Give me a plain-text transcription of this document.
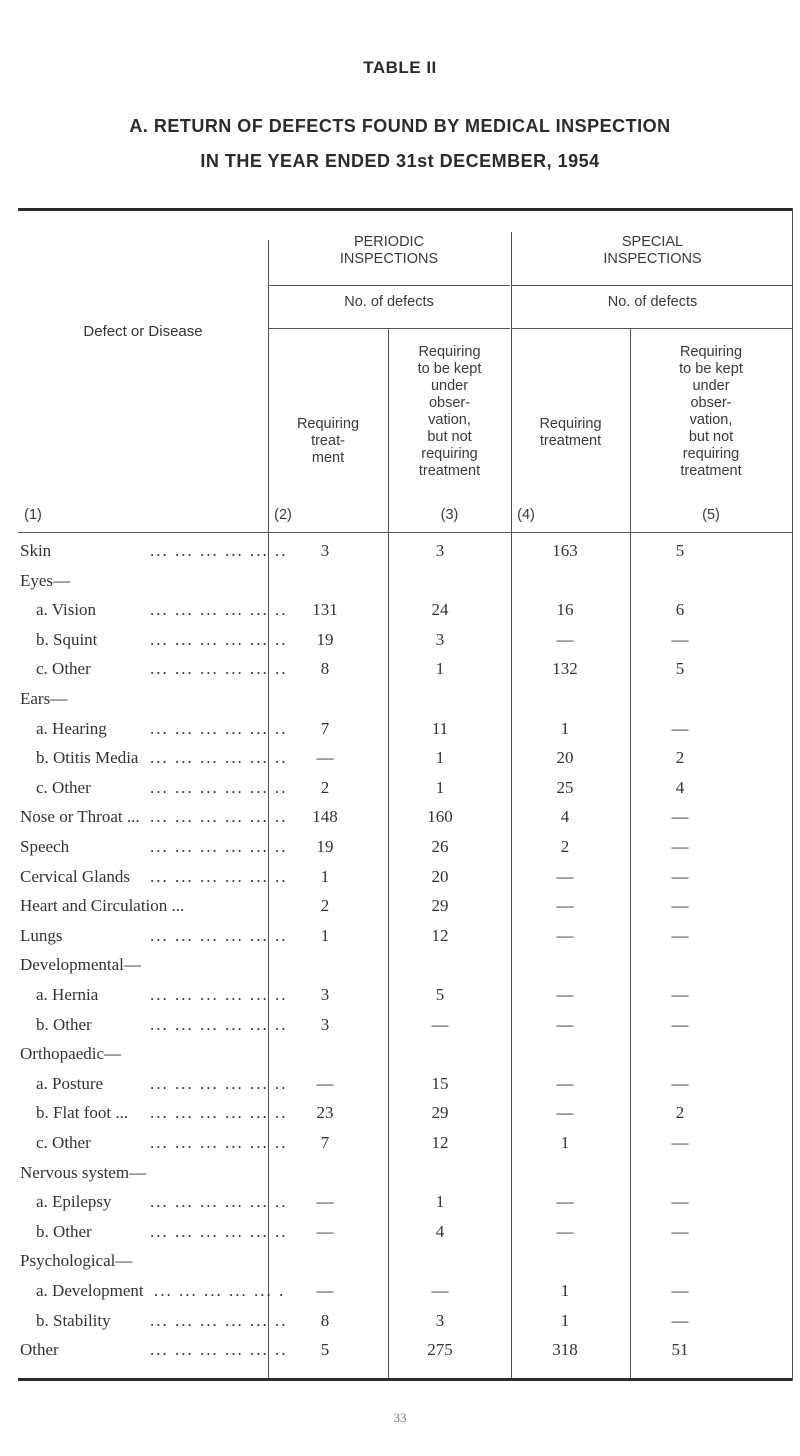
TABLE II
A. RETURN OF DEFECTS FOUND BY MEDICAL INSPECTION
IN THE YEAR ENDED 31st DECEMBER, 1954
Defect or Disease
(1)
PERIODIC
INSPECTIONS
SPECIAL
INSPECTIONS
No. of defects	No. of defects
Requiring
treat-
ment
(2)
Requiring
to be kept
under
obser-
vation,
but not
requiring
treatment
(3)
Requiring
treatment
(4)
Requiring
to be kept
under
obser-
vation,
but not
requiring
treatment
(5)
Skin	... ... ... ... ... ..	3	3	163	5
Eyes—
a. Vision	... ... ... ... ... ..	131	24	16	6
b. Squint	... ... ... ... ... ..	19	3	—	—
c. Other	... ... ... ... ... ..	8	1	132	5
Ears—
a. Hearing	... ... ... ... ... ..	7	11	1	—
b. Otitis Media ... ... ... ... ... ..	—	1	20	2
c. Other	... ... ... ... ... ..	2	1	25	4
Nose or Throat ... ... ... ... ... ... ..	148	160	4	—
Speech	... ... ... ... ... ..	19	26	2	—
Cervical Glands ... ... ... ... ... ..	1	20	—	—
Heart and Circulation ...	2	29	—	—
Lungs	... ... ... ... ... ..	1	12	—	—
Developmental—
a. Hernia	... ... ... ... ... ..	3	5	—	—
b. Other	... ... ... ... ... ..	3	—	—	—
Orthopaedic—
a. Posture	... ... ... ... ... ..	—	15	—	—
b. Flat foot ... ... ... ... ... ... ..	23	29	—	2
c. Other	... ... ... ... ... ..	7	12	1	—
Nervous system—
a. Epilepsy ... ... ... ... ... ..	—	1	—	—
b. Other	... ... ... ... ... ..	—	4	—	—
Psychological—
a. Development ... ... ... ... ... .	—	—	1	—
b. Stability ... ... ... ... ... ..	8	3	1	—
Other	... ... ... ... ... ..	5	275	318	51
33
